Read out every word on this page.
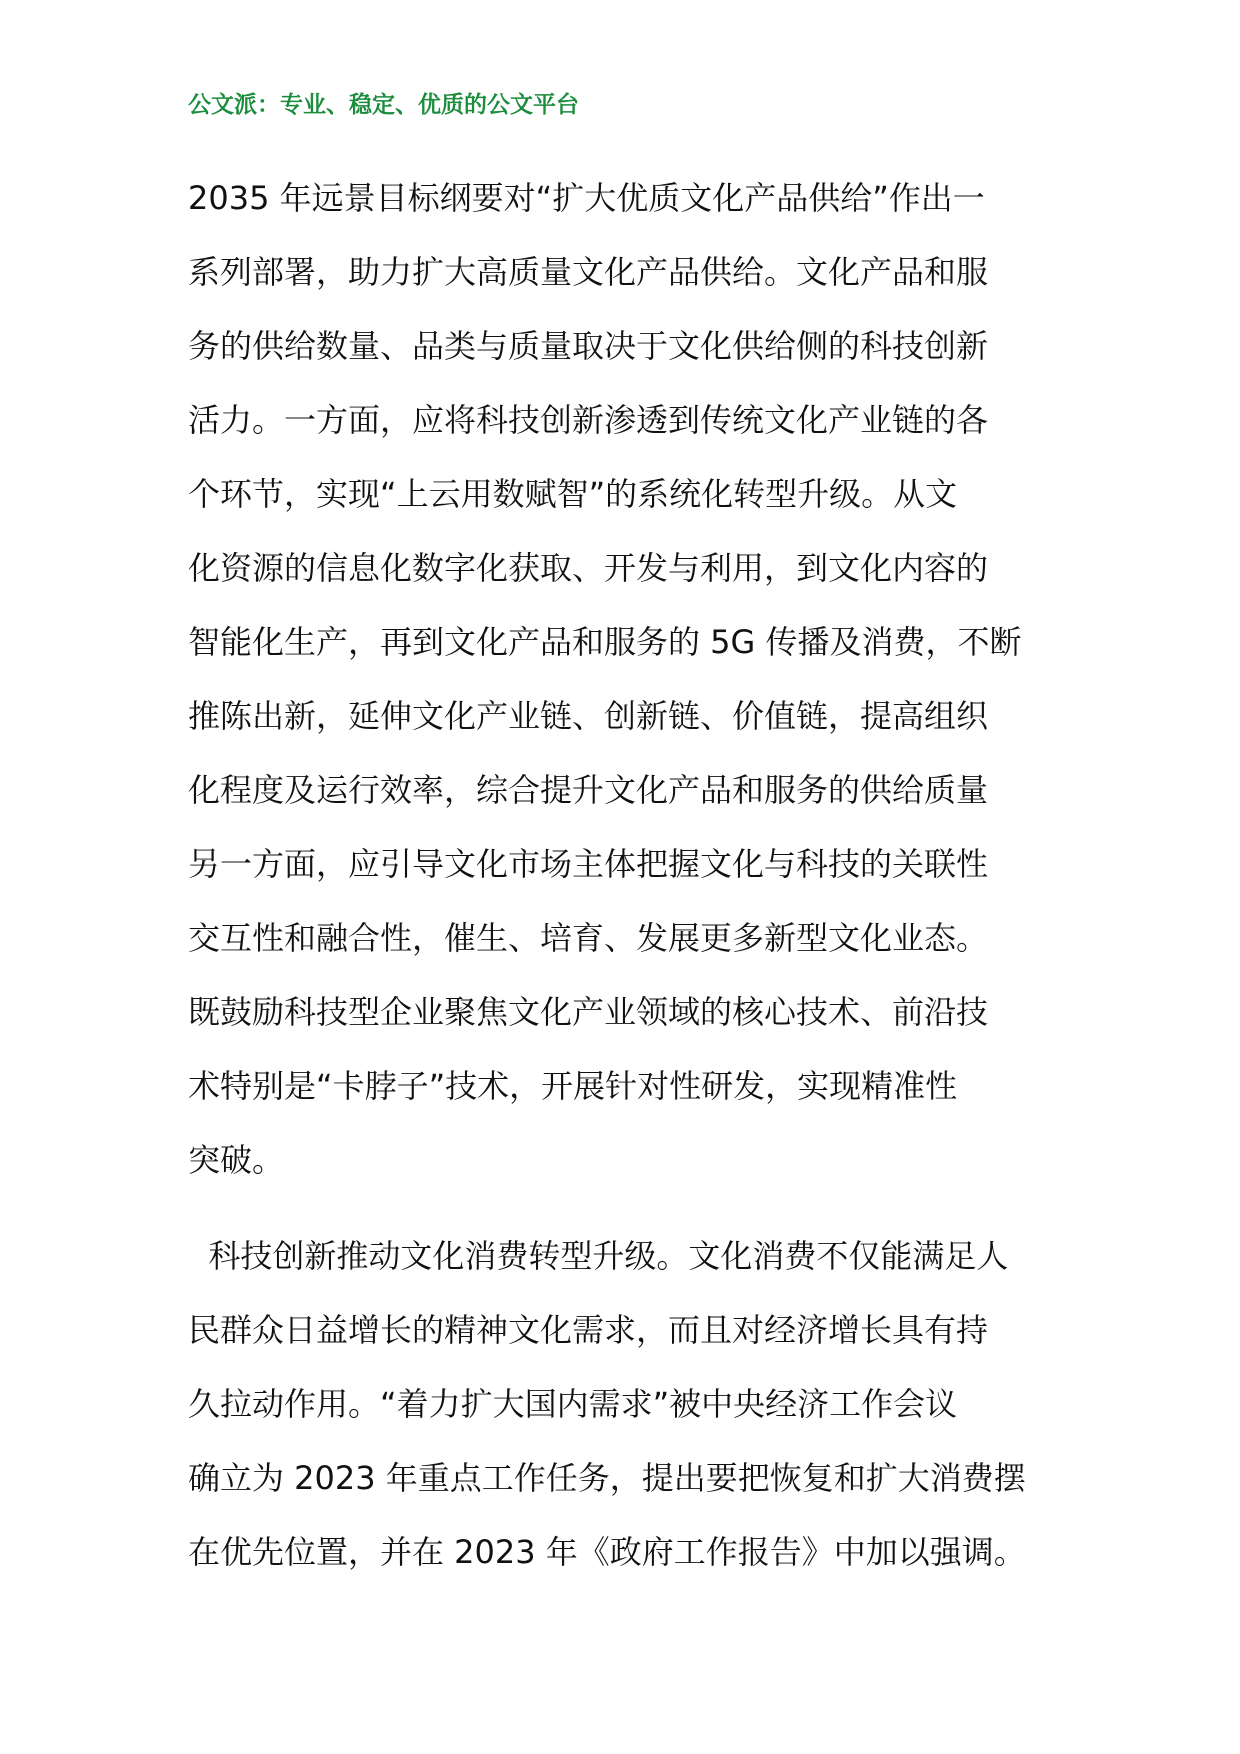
公文派：专业、稳定、优质的公文平台
2035 年远景目标纲要对“扩大优质文化产品供给”作出一
系列部署，助力扩大高质量文化产品供给。文化产品和服
务的供给数量、品类与质量取决于文化供给侧的科技创新
活力。一方面，应将科技创新渗透到传统文化产业链的各
个环节，实现“上云用数赋智”的系统化转型升级。从文
化资源的信息化数字化获取、开发与利用，到文化内容的
智能化生产，再到文化产品和服务的 5G 传播及消费，不断
推陈出新，延伸文化产业链、创新链、价值链，提高组织
化程度及运行效率，综合提升文化产品和服务的供给质量
另一方面，应引导文化市场主体把握文化与科技的关联性
交互性和融合性，催生、培育、发展更多新型文化业态。
既鼓励科技型企业聚焦文化产业领域的核心技术、前沿技
术特别是“卡脖子”技术，开展针对性研发，实现精准性
突破。
科技创新推动文化消费转型升级。文化消费不仅能满足人
民群众日益增长的精神文化需求，而且对经济增长具有持
久拉动作用。“着力扩大国内需求”被中央经济工作会议
确立为 2023 年重点工作任务，提出要把恢复和扩大消费摆
在优先位置，并在 2023 年《政府工作报告》中加以强调。
